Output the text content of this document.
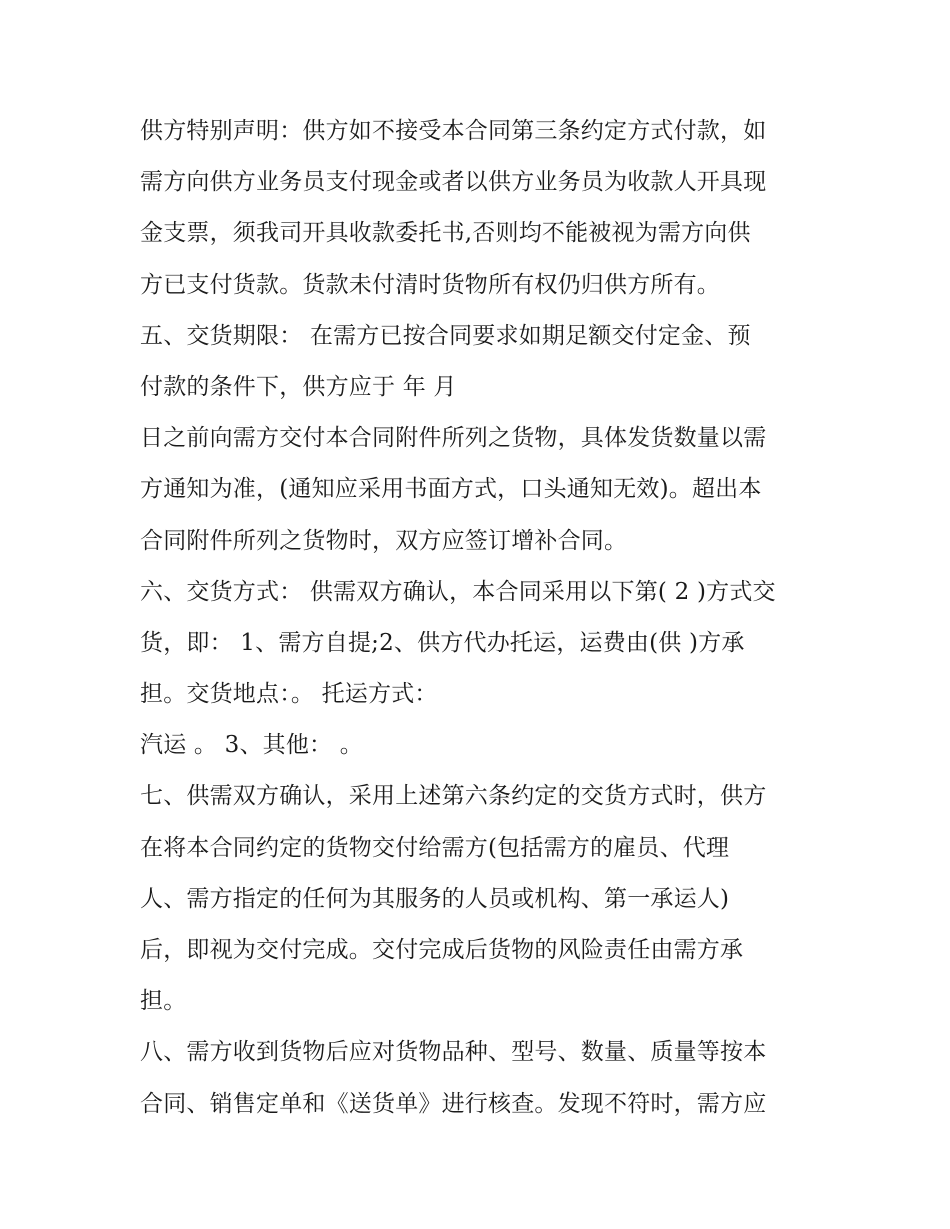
供方特别声明：供方如不接受本合同第三条约定方式付款，如
需方向供方业务员支付现金或者以供方业务员为收款人开具现
金支票，须我司开具收款委托书,否则均不能被视为需方向供
方已支付货款。货款未付清时货物所有权仍归供方所有。
五、交货期限： 在需方已按合同要求如期足额交付定金、预
付款的条件下，供方应于 年 月
日之前向需方交付本合同附件所列之货物，具体发货数量以需
方通知为准，(通知应采用书面方式，口头通知无效)。超出本
合同附件所列之货物时，双方应签订增补合同。
六、交货方式： 供需双方确认，本合同采用以下第( 2 )方式交
货，即： 1、需方自提;2、供方代办托运，运费由(供 )方承
担。交货地点：。 托运方式：
汽运 。 3、其他： 。
七、供需双方确认，采用上述第六条约定的交货方式时，供方
在将本合同约定的货物交付给需方(包括需方的雇员、代理
人、需方指定的任何为其服务的人员或机构、第一承运人)
后，即视为交付完成。交付完成后货物的风险责任由需方承
担。
八、需方收到货物后应对货物品种、型号、数量、质量等按本
合同、销售定单和《送货单》进行核查。发现不符时，需方应
